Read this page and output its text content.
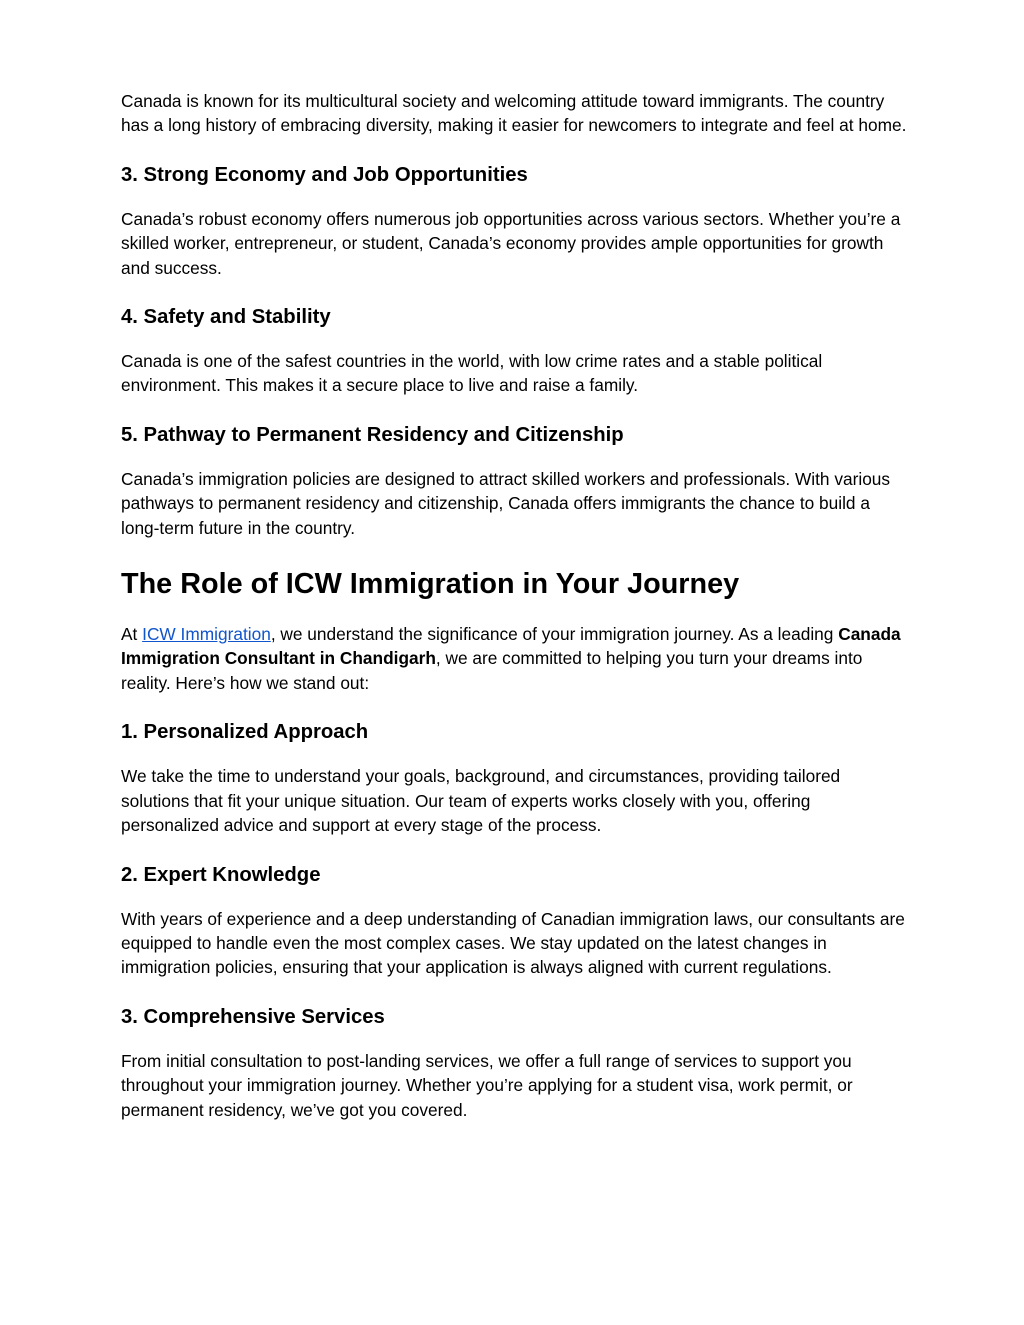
Canada is known for its multicultural society and welcoming attitude toward immigrants. The country has a long history of embracing diversity, making it easier for newcomers to integrate and feel at home.

3. Strong Economy and Job Opportunities

Canada’s robust economy offers numerous job opportunities across various sectors. Whether you’re a skilled worker, entrepreneur, or student, Canada’s economy provides ample opportunities for growth and success.

4. Safety and Stability

Canada is one of the safest countries in the world, with low crime rates and a stable political environment. This makes it a secure place to live and raise a family.

5. Pathway to Permanent Residency and Citizenship

Canada’s immigration policies are designed to attract skilled workers and professionals. With various pathways to permanent residency and citizenship, Canada offers immigrants the chance to build a long-term future in the country.

The Role of ICW Immigration in Your Journey

At ICW Immigration, we understand the significance of your immigration journey. As a leading Canada Immigration Consultant in Chandigarh, we are committed to helping you turn your dreams into reality. Here’s how we stand out:

1. Personalized Approach

We take the time to understand your goals, background, and circumstances, providing tailored solutions that fit your unique situation. Our team of experts works closely with you, offering personalized advice and support at every stage of the process.

2. Expert Knowledge

With years of experience and a deep understanding of Canadian immigration laws, our consultants are equipped to handle even the most complex cases. We stay updated on the latest changes in immigration policies, ensuring that your application is always aligned with current regulations.

3. Comprehensive Services

From initial consultation to post-landing services, we offer a full range of services to support you throughout your immigration journey. Whether you’re applying for a student visa, work permit, or permanent residency, we’ve got you covered.
